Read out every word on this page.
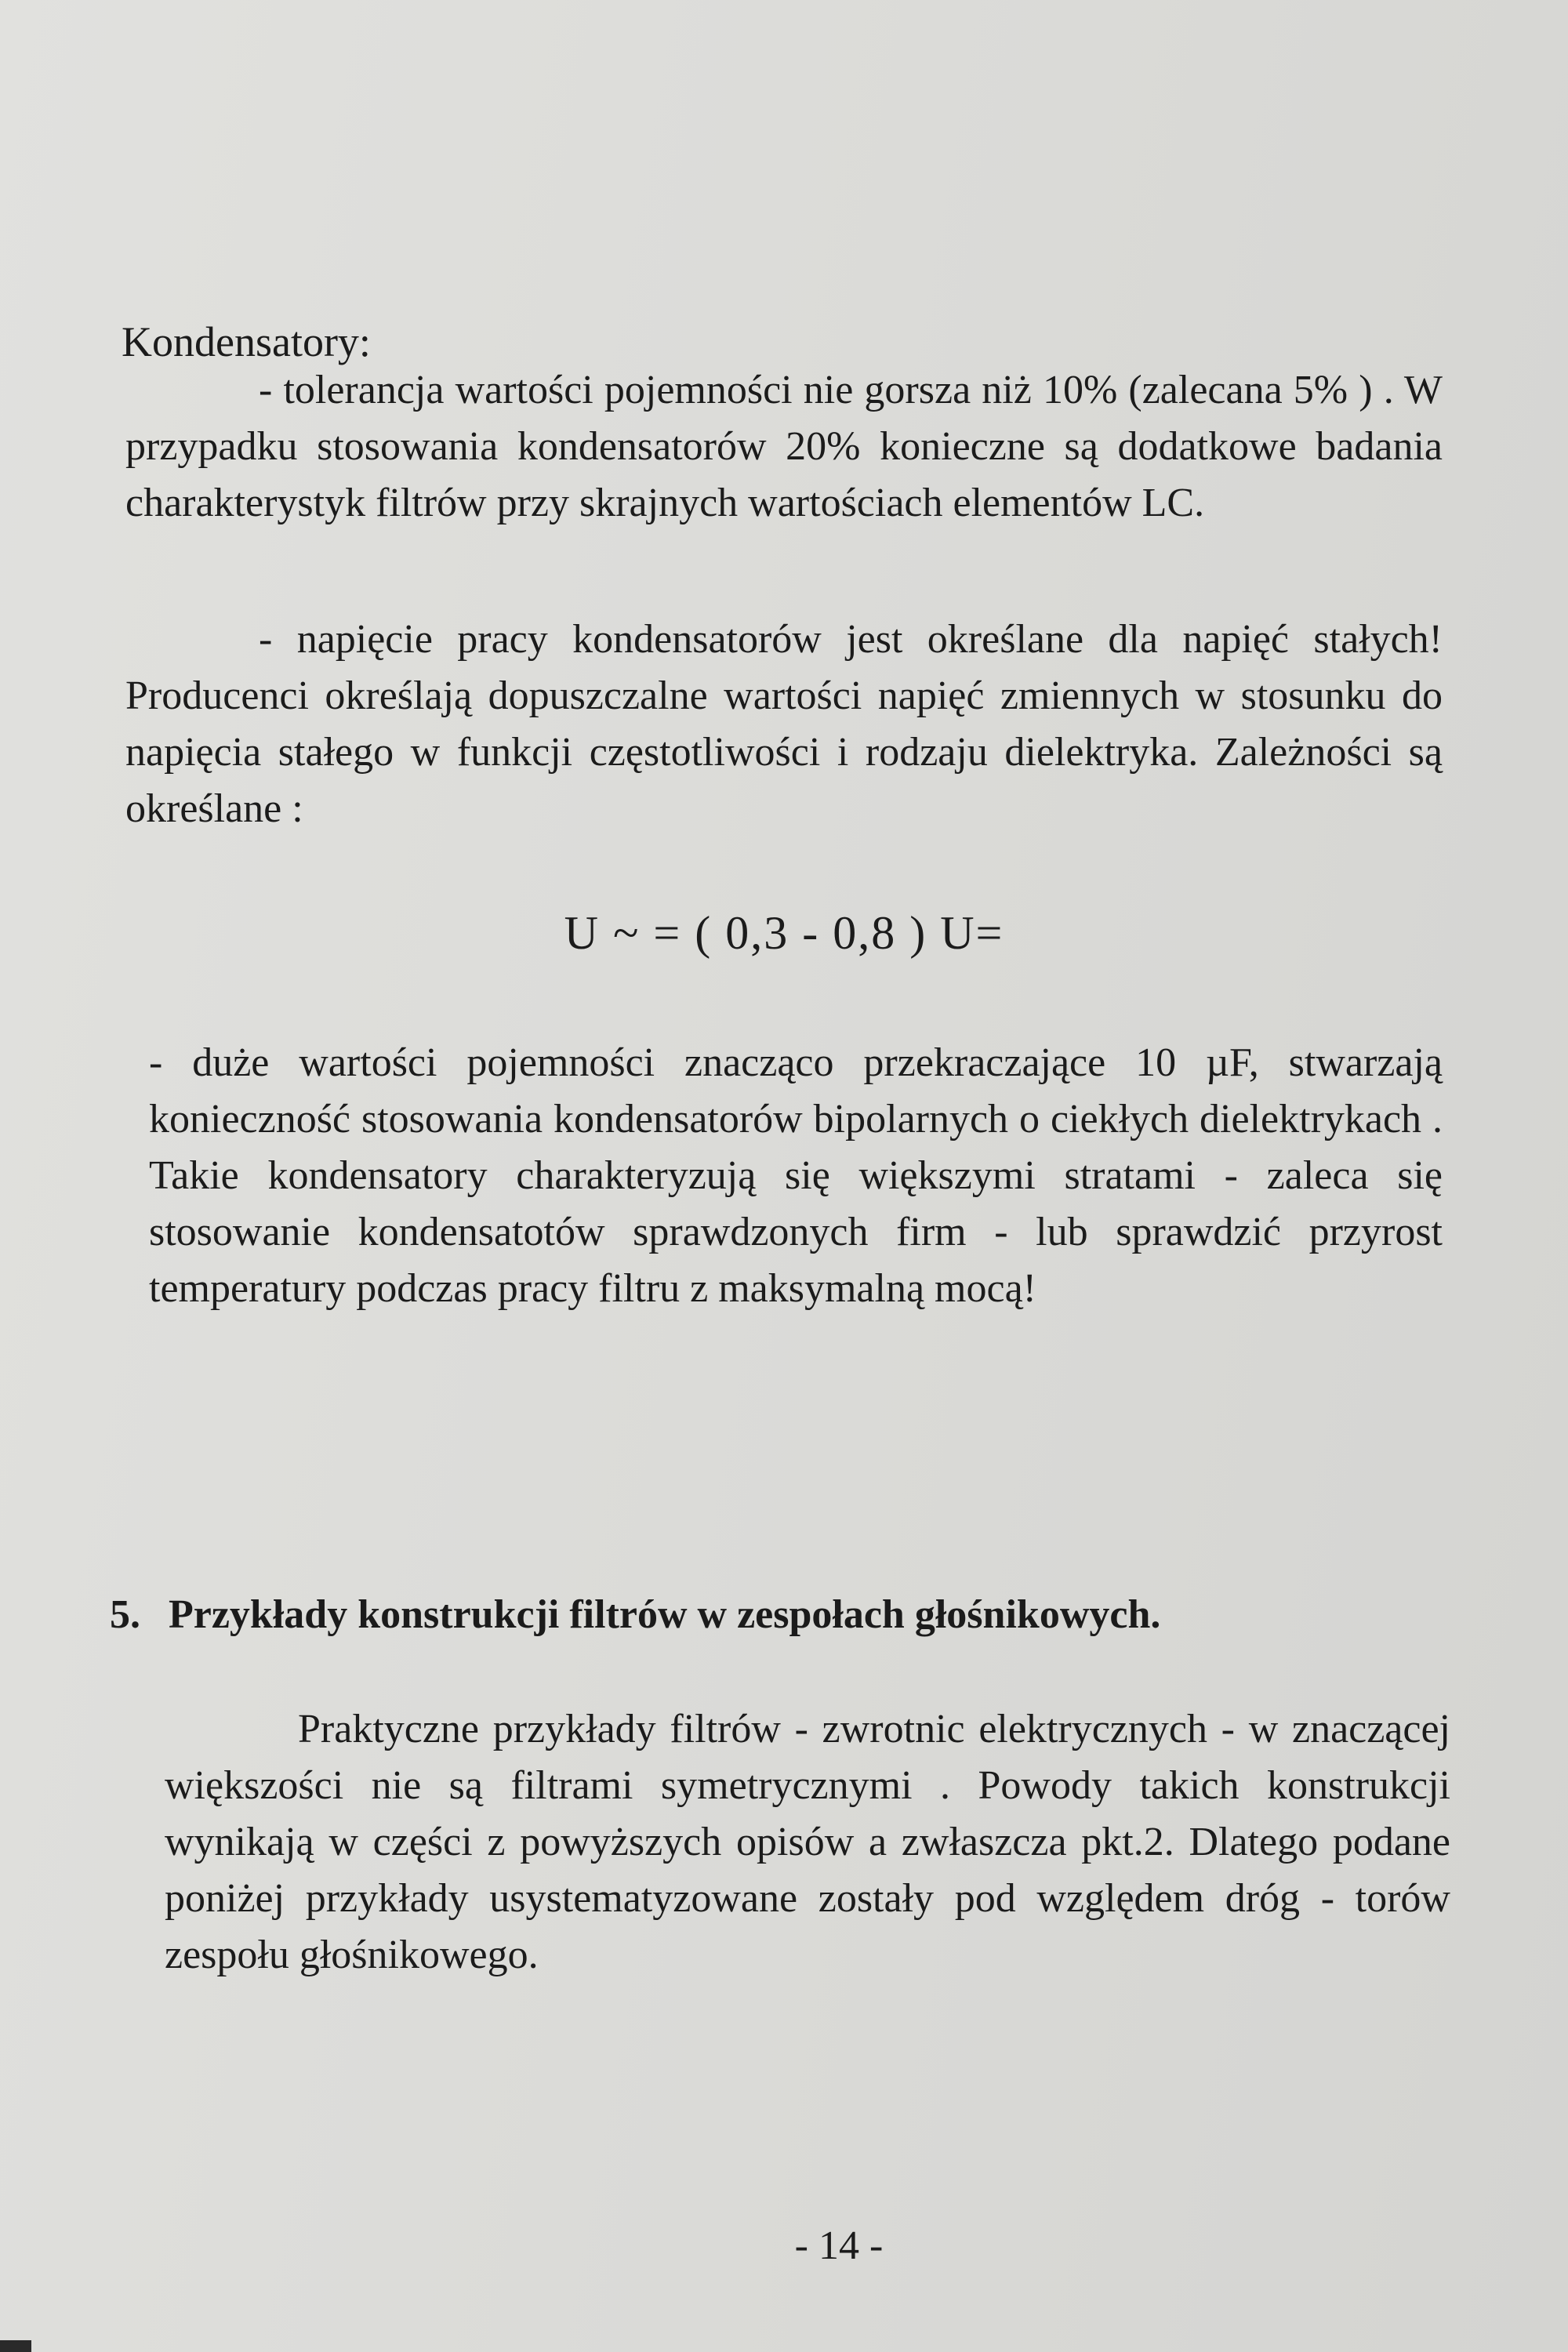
Kondensatory:

- tolerancja wartości pojemności nie gorsza niż 10% (zalecana 5% ) . W przypadku stosowania kondensatorów 20% konieczne są dodatkowe badania charakterystyk filtrów przy skrajnych wartościach elementów LC.

- napięcie pracy kondensatorów jest określane dla napięć stałych! Producenci określają dopuszczalne wartości napięć zmiennych w stosunku do napięcia stałego w funkcji częstotliwości i rodzaju dielektryka. Zależności są określane :

U ~ = ( 0,3 - 0,8 ) U=

- duże wartości pojemności znacząco przekraczające 10 µF, stwarzają konieczność stosowania kondensatorów bipolarnych o ciekłych dielektrykach . Takie kondensatory charakteryzują się większymi stratami - zaleca się stosowanie kondensatotów sprawdzonych firm - lub sprawdzić przyrost temperatury podczas pracy filtru z maksymalną mocą!

5. Przykłady konstrukcji filtrów w zespołach głośnikowych.

Praktyczne przykłady filtrów - zwrotnic elektrycznych - w znaczącej większości nie są filtrami symetrycznymi . Powody takich konstrukcji wynikają w części z powyższych opisów a zwłaszcza pkt.2. Dlatego podane poniżej przykłady usystematyzowane zostały pod względem dróg - torów zespołu głośnikowego.

- 14 -
